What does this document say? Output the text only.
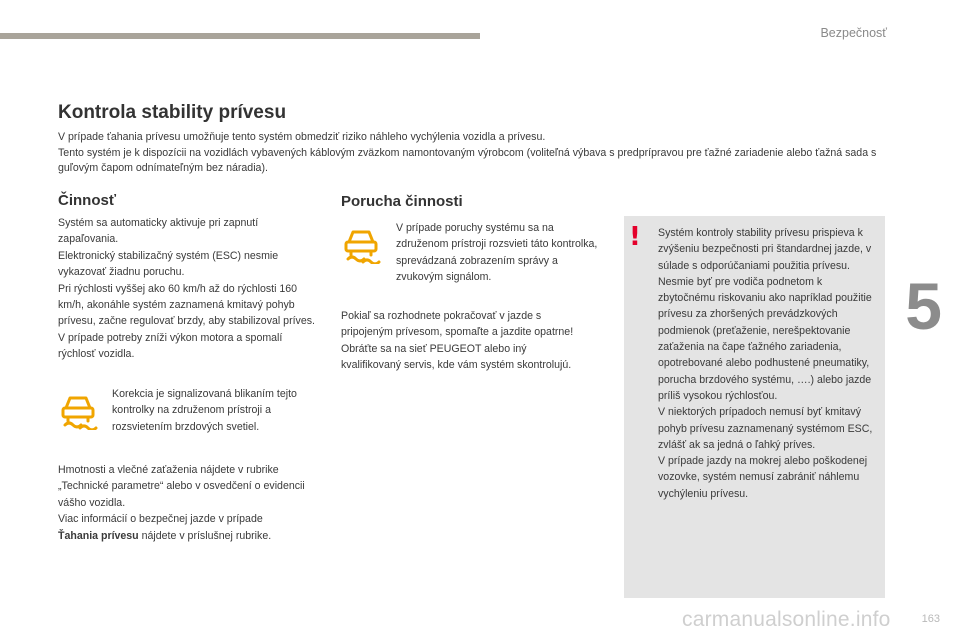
Bezpečnosť
5
163
Kontrola stability prívesu

V prípade ťahania prívesu umožňuje tento systém obmedziť riziko náhleho vychýlenia vozidla a prívesu.

Tento systém je k dispozícii na vozidlách vybavených káblovým zväzkom namontovaným výrobcom (voliteľná výbava s predprípravou pre ťažné zariadenie alebo ťažná sada s guľovým čapom odnímateľným bez náradia).

Činnosť

Systém sa automaticky aktivuje pri zapnutí zapaľovania.

Elektronický stabilizačný systém (ESC) nesmie vykazovať žiadnu poruchu.

Pri rýchlosti vyššej ako 60 km/h až do rýchlosti 160 km/h, akonáhle systém zaznamená kmitavý pohyb prívesu, začne regulovať brzdy, aby stabilizoval príves. V prípade potreby zníži výkon motora a spomalí rýchlosť vozidla.

Korekcia je signalizovaná blikaním tejto kontrolky na združenom prístroji a rozsvietením brzdových svetiel.

Hmotnosti a vlečné zaťaženia nájdete v rubrike „Technické parametre“ alebo v osvedčení o evidencii vášho vozidla.

Viac informácií o bezpečnej jazde v prípade
Ťahania prívesu nájdete v príslušnej rubrike.

Porucha činnosti
V prípade poruchy systému sa na združenom prístroji rozsvieti táto kontrolka, sprevádzaná zobrazením správy a zvukovým signálom.

Pokiaľ sa rozhodnete pokračovať v jazde s pripojeným prívesom, spomaľte a jazdite opatrne!

Obráťte sa na sieť PEUGEOT alebo iný kvalifikovaný servis, kde vám systém skontrolujú.

! Systém kontroly stability prívesu prispieva k zvýšeniu bezpečnosti pri štandardnej jazde, v súlade s odporúčaniami použitia prívesu.

Nesmie byť pre vodiča podnetom k zbytočnému riskovaniu ako napríklad použitie prívesu za zhoršených prevádzkových podmienok (preťaženie, nerešpektovanie zaťaženia na čape ťažného zariadenia, opotrebované alebo podhustené pneumatiky, porucha brzdového systému, ….) alebo jazde príliš vysokou rýchlosťou.

V niektorých prípadoch nemusí byť kmitavý pohyb prívesu zaznamenaný systémom ESC, zvlášť ak sa jedná o ľahký príves.

V prípade jazdy na mokrej alebo poškodenej vozovke, systém nemusí zabrániť náhlemu vychýleniu prívesu.

carmanualsonline.info
